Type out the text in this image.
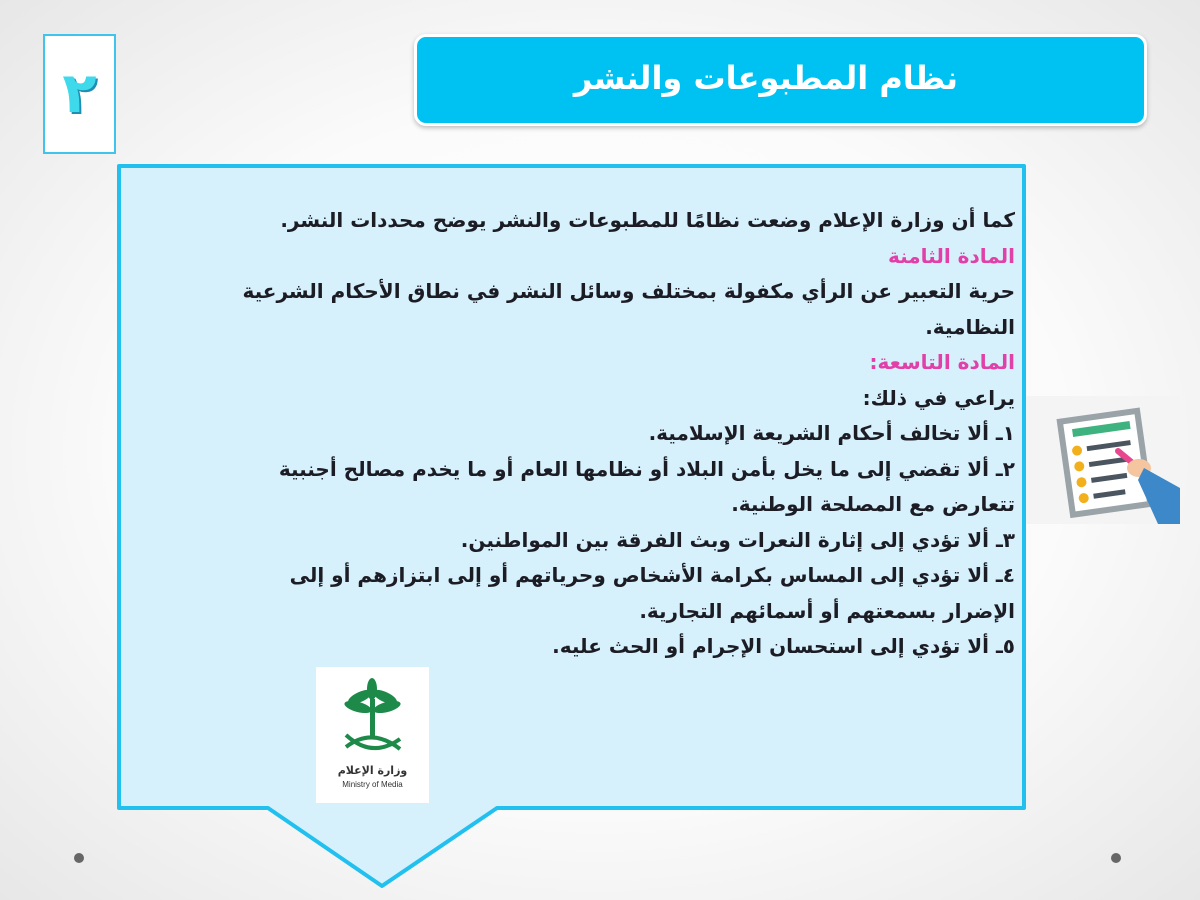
٢	نظام المطبوعات والنشر

كما أن وزارة الإعلام وضعت نظامًا للمطبوعات والنشر يوضح محددات النشر.

المادة الثامنة

حرية التعبير عن الرأي مكفولة بمختلف وسائل النشر في نطاق الأحكام الشرعية

النظامية.

المادة التاسعة:

يراعي في ذلك:

١ـ ألا تخالف أحكام الشريعة الإسلامية.

٢ـ ألا تقضي إلى ما يخل بأمن البلاد أو نظامها العام أو ما يخدم مصالح أجنبية

تتعارض مع المصلحة الوطنية.

٣ـ ألا تؤدي إلى إثارة النعرات وبث الفرقة بين المواطنين.

٤ـ ألا تؤدي إلى المساس بكرامة الأشخاص وحرياتهم أو إلى ابتزازهم أو إلى

الإضرار بسمعتهم أو أسمائهم التجارية.

٥ـ ألا تؤدي إلى استحسان الإجرام أو الحث عليه.

وزارة الإعلام
Ministry of Media
